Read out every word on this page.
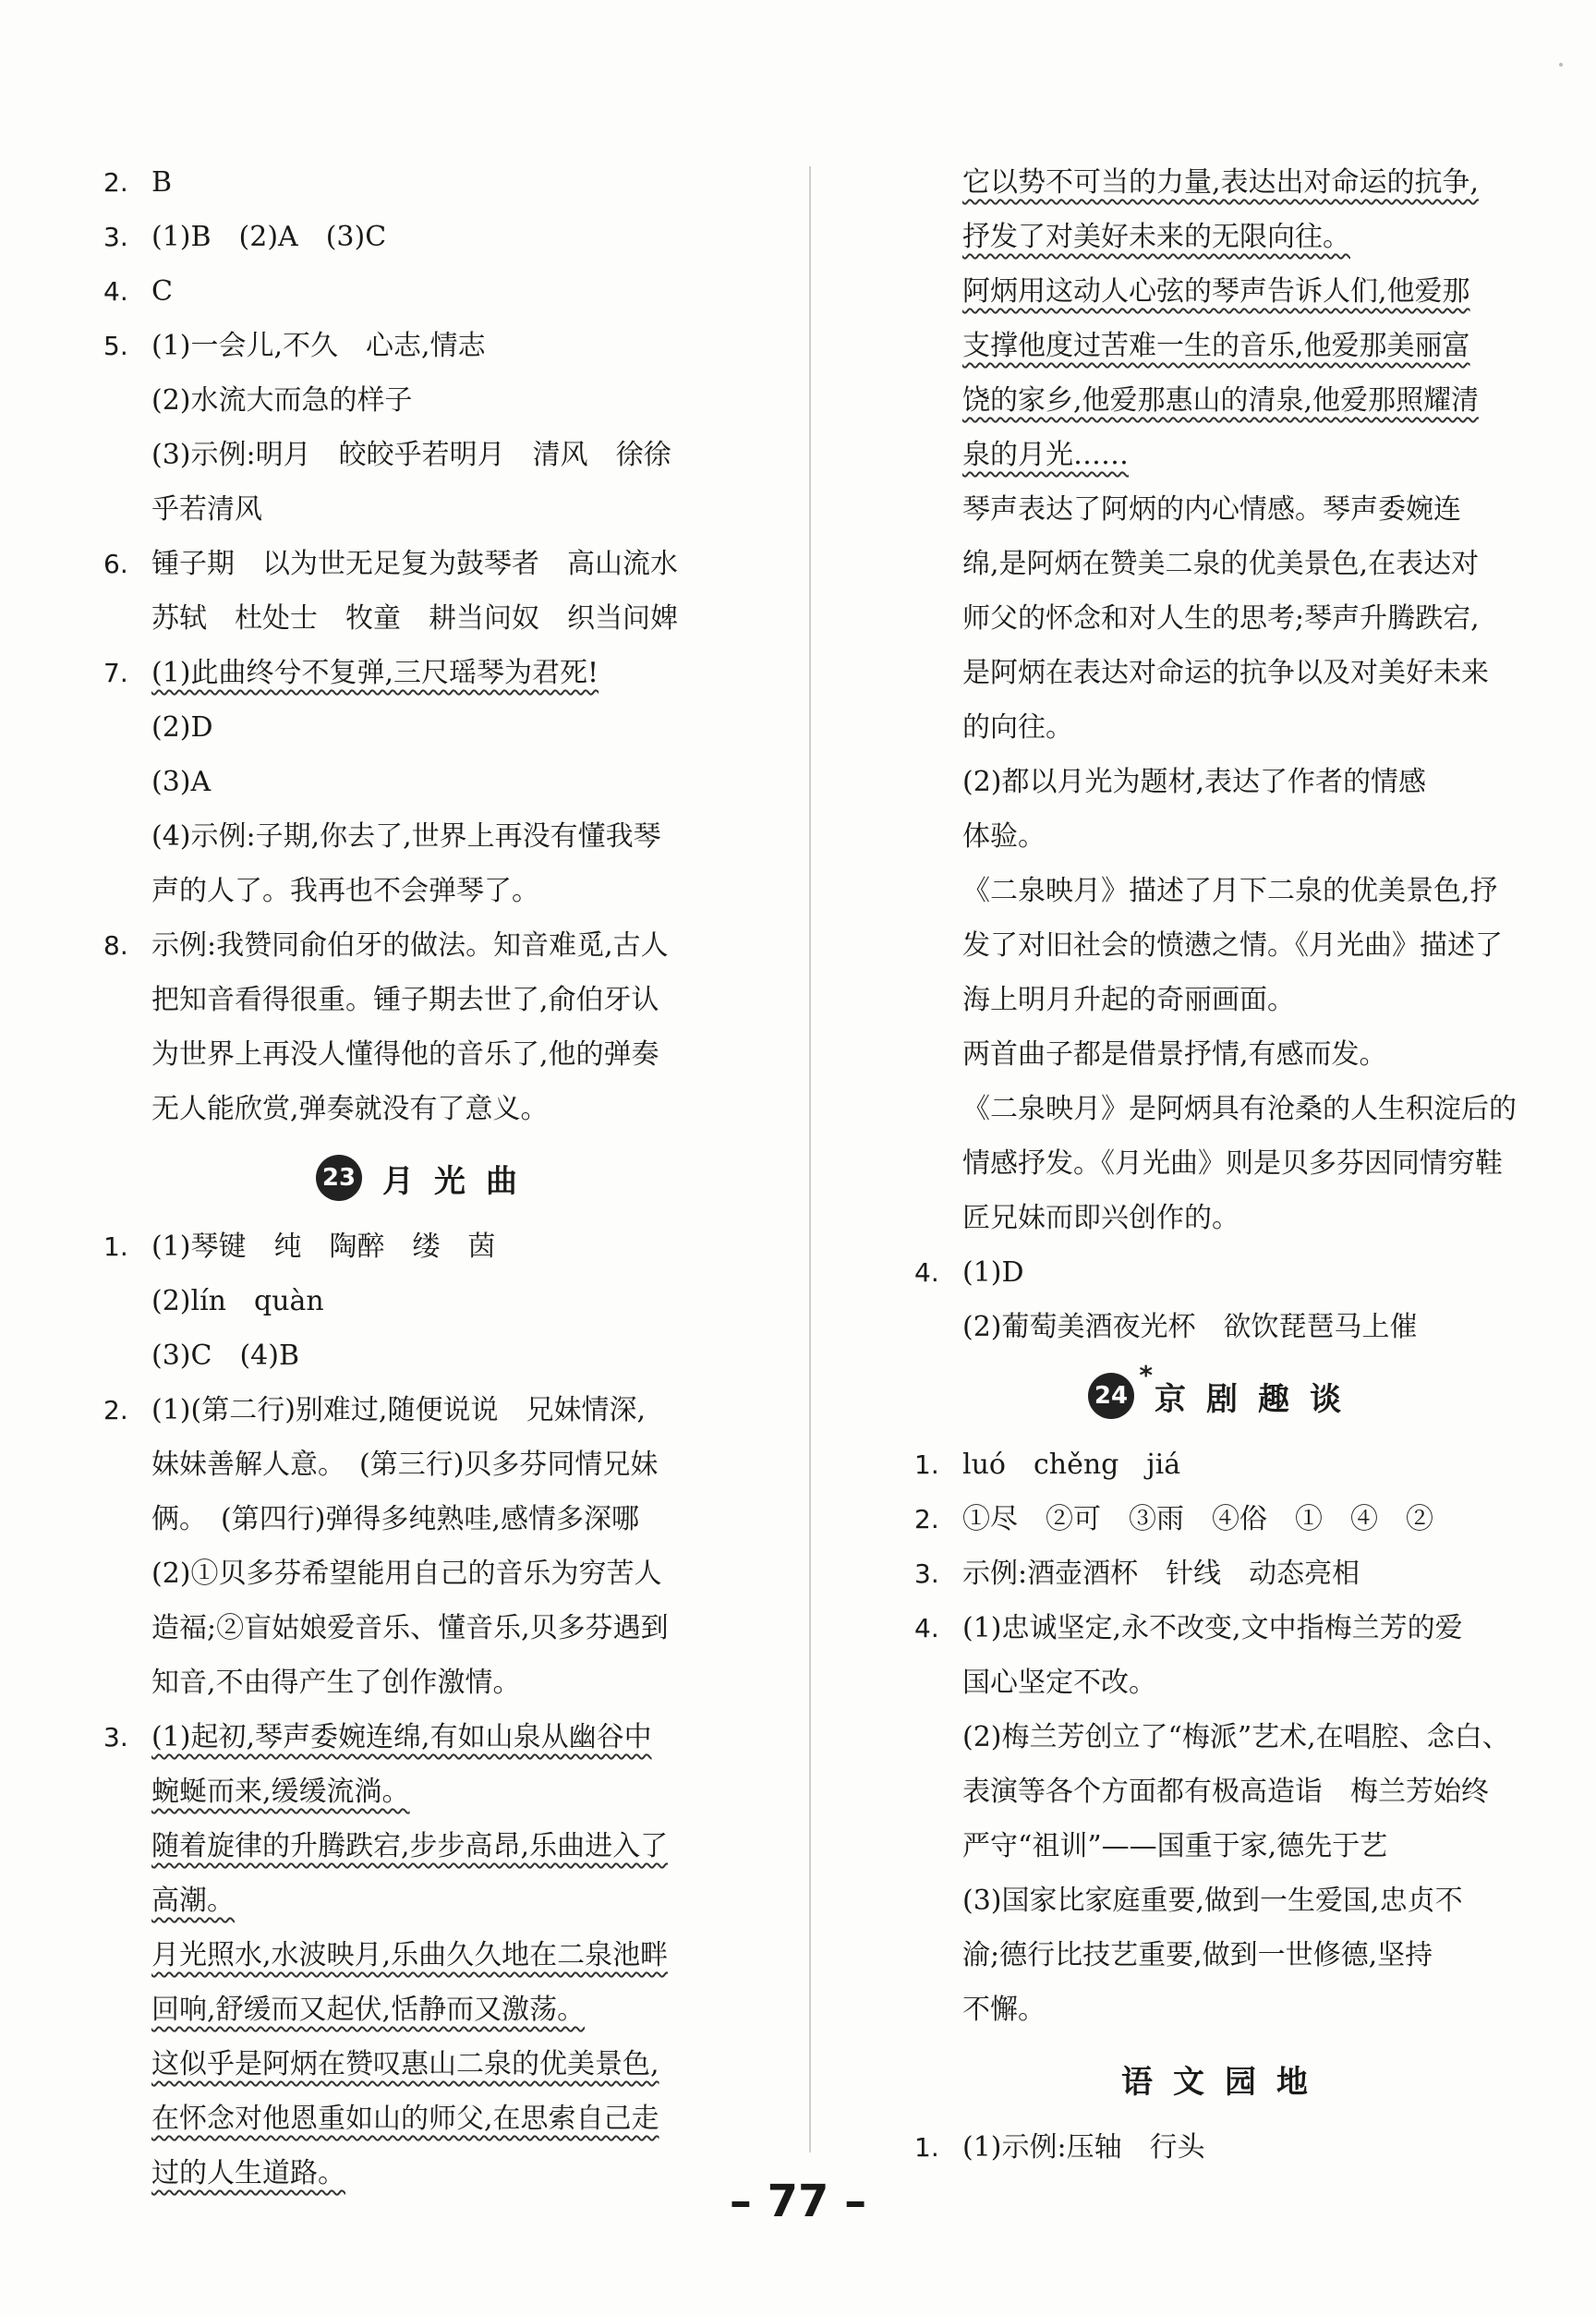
2. B
3. (1)B　(2)A　(3)C
4. C
5. (1)一会儿,不久　心志,情志
(2)水流大而急的样子
(3)示例:明月　皎皎乎若明月　清风　徐徐
乎若清风
6. 锺子期　以为世无足复为鼓琴者　高山流水
苏轼　杜处士　牧童　耕当问奴　织当问婢
7. (1)此曲终兮不复弹,三尺瑶琴为君死!
(2)D
(3)A
(4)示例:子期,你去了,世界上再没有懂我琴
声的人了。我再也不会弹琴了。
8. 示例:我赞同俞伯牙的做法。知音难觅,古人
把知音看得很重。锺子期去世了,俞伯牙认
为世界上再没人懂得他的音乐了,他的弹奏
无人能欣赏,弹奏就没有了意义。
23 月光曲
1. (1)琴键　纯　陶醉　缕　茵
(2)lín　quàn
(3)C　(4)B
2. (1)(第二行)别难过,随便说说　兄妹情深,
妹妹善解人意。　(第三行)贝多芬同情兄妹
俩。　(第四行)弹得多纯熟哇,感情多深哪
(2)①贝多芬希望能用自己的音乐为穷苦人
造福;②盲姑娘爱音乐、懂音乐,贝多芬遇到
知音,不由得产生了创作激情。
3. (1)起初,琴声委婉连绵,有如山泉从幽谷中
蜿蜒而来,缓缓流淌。
随着旋律的升腾跌宕,步步高昂,乐曲进入了
高潮。
月光照水,水波映月,乐曲久久地在二泉池畔
回响,舒缓而又起伏,恬静而又激荡。
这似乎是阿炳在赞叹惠山二泉的优美景色,
在怀念对他恩重如山的师父,在思索自己走
过的人生道路。
它以势不可当的力量,表达出对命运的抗争,
抒发了对美好未来的无限向往。
阿炳用这动人心弦的琴声告诉人们,他爱那
支撑他度过苦难一生的音乐,他爱那美丽富
饶的家乡,他爱那惠山的清泉,他爱那照耀清
泉的月光……
琴声表达了阿炳的内心情感。琴声委婉连
绵,是阿炳在赞美二泉的优美景色,在表达对
师父的怀念和对人生的思考;琴声升腾跌宕,
是阿炳在表达对命运的抗争以及对美好未来
的向往。
(2)都以月光为题材,表达了作者的情感
体验。
《二泉映月》描述了月下二泉的优美景色,抒
发了对旧社会的愤懑之情。《月光曲》描述了
海上明月升起的奇丽画面。
两首曲子都是借景抒情,有感而发。
《二泉映月》是阿炳具有沧桑的人生积淀后的
情感抒发。《月光曲》则是贝多芬因同情穷鞋
匠兄妹而即兴创作的。
4. (1)D
(2)葡萄美酒夜光杯　欲饮琵琶马上催
24
*
京剧趣谈
1. luó　chěng　jiá
2. ①尽　②可　③雨　④俗　①　④　②
3. 示例:酒壶酒杯　针线　动态亮相
4. (1)忠诚坚定,永不改变,文中指梅兰芳的爱
国心坚定不改。
(2)梅兰芳创立了“梅派”艺术,在唱腔、念白、
表演等各个方面都有极高造诣　梅兰芳始终
严守“祖训”——国重于家,德先于艺
(3)国家比家庭重要,做到一生爱国,忠贞不
渝;德行比技艺重要,做到一世修德,坚持
不懈。
语文园地
1. (1)示例:压轴　行头
– 77 –
